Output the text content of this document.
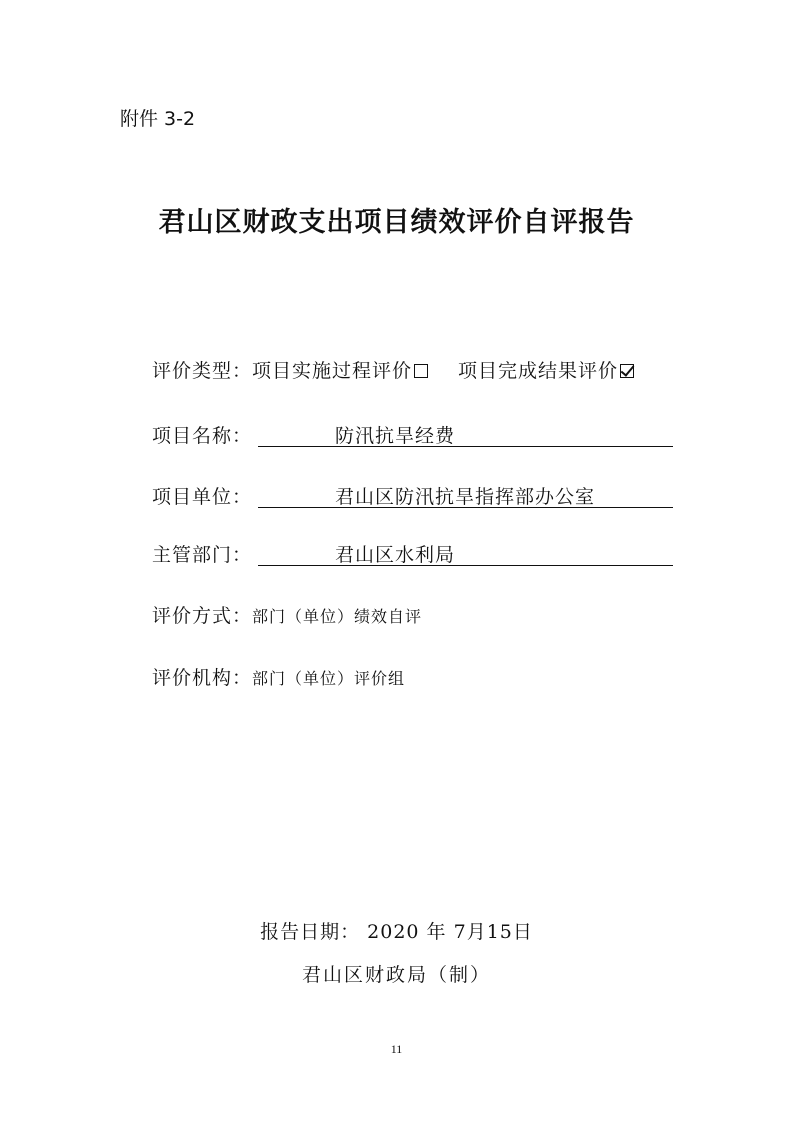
附件 3-2
君山区财政支出项目绩效评价自评报告
评价类型：项目实施过程评价 项目完成结果评价
项目名称：	防汛抗旱经费
项目单位：	君山区防汛抗旱指挥部办公室
主管部门：	君山区水利局
评价方式：部门（单位）绩效自评
评价机构：部门（单位）评价组
报告日期： 2020 年 7月15日
君山区财政局（制）
11
